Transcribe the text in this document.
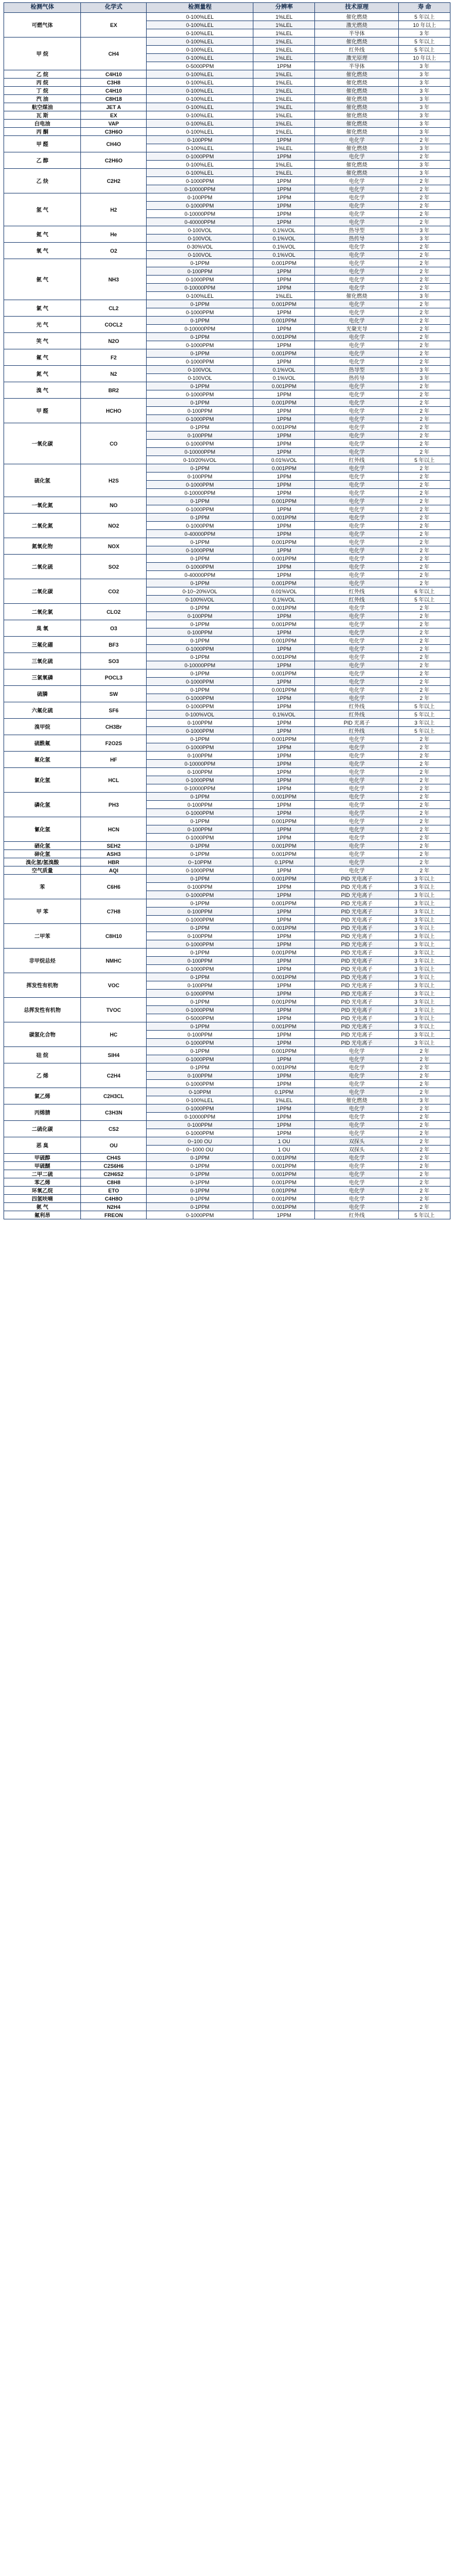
检测气体	化学式	检测量程	分辨率	技术原理	寿 命
可燃气体	EX	0-100%LEL	1%LEL	催化燃烧	5 年以上
		0-100%LEL	1%LEL	激光燃烧	10 年以上
		0-100%LEL	1%LEL	半导体	3 年
甲 烷	CH4	0-100%LEL	1%LEL	催化燃烧	5 年以上
		0-100%LEL	1%LEL	红外线	5 年以上
		0-100%LEL	1%LEL	激光原理	10 年以上
		0-5000PPM	1PPM	半导体	3 年
乙 烷	C4H10	0-100%LEL	1%LEL	催化燃烧	3 年
丙 烷	C3H8	0-100%LEL	1%LEL	催化燃烧	3 年
丁 烷	C4H10	0-100%LEL	1%LEL	催化燃烧	3 年
汽 油	C8H18	0-100%LEL	1%LEL	催化燃烧	3 年
航空煤油	JET A	0-100%LEL	1%LEL	催化燃烧	3 年
瓦 斯	EX	0-100%LEL	1%LEL	催化燃烧	3 年
白电油	VAP	0-100%LEL	1%LEL	催化燃烧	3 年
丙 酮	C3H6O	0-100%LEL	1%LEL	催化燃烧	3 年
甲 醛	CH4O	0-100PPM	1PPM	电化学	2 年
		0-100%LEL	1%LEL	催化燃烧	3 年
乙 醇	C2H6O	0-1000PPM	1PPM	电化学	2 年
		0-100%LEL	1%LEL	催化燃烧	3 年
乙 炔	C2H2	0-100%LEL	1%LEL	催化燃烧	3 年
		0-1000PPM	1PPM	电化学	2 年
		0-10000PPM	1PPM	电化学	2 年
氢 气	H2	0-100PPM	1PPM	电化学	2 年
		0-1000PPM	1PPM	电化学	2 年
		0-10000PPM	1PPM	电化学	2 年
		0-40000PPM	1PPM	电化学	2 年
氦 气	He	0-100VOL	0.1%VOL	热导型	3 年
		0-100VOL	0.1%VOL	热传导	3 年
氧 气	O2	0-30%VOL	0.1%VOL	电化学	2 年
		0-100VOL	0.1%VOL	电化学	2 年
氨 气	NH3	0-1PPM	0.001PPM	电化学	2 年
		0-100PPM	1PPM	电化学	2 年
		0-1000PPM	1PPM	电化学	2 年
		0-10000PPM	1PPM	电化学	2 年
		0-100%LEL	1%LEL	催化燃烧	3 年
氯 气	CL2	0-1PPM	0.001PPM	电化学	2 年
		0-1000PPM	1PPM	电化学	2 年
光 气	COCL2	0-1PPM	0.001PPM	电化学	2 年
		0-10000PPM	1PPM	光聚光导	2 年
笑 气	N2O	0-1PPM	0.001PPM	电化学	2 年
		0-1000PPM	1PPM	电化学	2 年
氟 气	F2	0-1PPM	0.001PPM	电化学	2 年
		0-1000PPM	1PPM	电化学	2 年
氮 气	N2	0-100VOL	0.1%VOL	热导型	3 年
		0-100VOL	0.1%VOL	热传导	3 年
溴 气	BR2	0-1PPM	0.001PPM	电化学	2 年
		0-1000PPM	1PPM	电化学	2 年
甲 醛	HCHO	0-1PPM	0.001PPM	电化学	2 年
		0-100PPM	1PPM	电化学	2 年
		0-1000PPM	1PPM	电化学	2 年
一氧化碳	CO	0-1PPM	0.001PPM	电化学	2 年
		0-100PPM	1PPM	电化学	2 年
		0-1000PPM	1PPM	电化学	2 年
		0-10000PPM	1PPM	电化学	2 年
		0-10/20%VOL	0.01%VOL	红外线	5 年以上
硫化氢	H2S	0-1PPM	0.001PPM	电化学	2 年
		0-100PPM	1PPM	电化学	2 年
		0-1000PPM	1PPM	电化学	2 年
		0-10000PPM	1PPM	电化学	2 年
一氧化氮	NO	0-1PPM	0.001PPM	电化学	2 年
		0-1000PPM	1PPM	电化学	2 年
二氧化氮	NO2	0-1PPM	0.001PPM	电化学	2 年
		0-1000PPM	1PPM	电化学	2 年
		0-40000PPM	1PPM	电化学	2 年
氮氧化物	NOX	0-1PPM	0.001PPM	电化学	2 年
		0-1000PPM	1PPM	电化学	2 年
二氧化硫	SO2	0-1PPM	0.001PPM	电化学	2 年
		0-1000PPM	1PPM	电化学	2 年
		0-40000PPM	1PPM	电化学	2 年
二氧化碳	CO2	0-1PPM	0.001PPM	电化学	2 年
		0-10~20%VOL	0.01%VOL	红外线	6 年以上
		0-100%VOL	0.1%VOL	红外线	5 年以上
二氧化氯	CLO2	0-1PPM	0.001PPM	电化学	2 年
		0-100PPM	1PPM	电化学	2 年
臭 氧	O3	0-1PPM	0.001PPM	电化学	2 年
		0-100PPM	1PPM	电化学	2 年
三氟化硼	BF3	0-1PPM	0.001PPM	电化学	2 年
		0-1000PPM	1PPM	电化学	2 年
三氧化硫	SO3	0-1PPM	0.001PPM	电化学	2 年
		0-10000PPM	1PPM	电化学	2 年
三氯氧磷	POCL3	0-1PPM	0.001PPM	电化学	2 年
		0-1000PPM	1PPM	电化学	2 年
硫膦	SW	0-1PPM	0.001PPM	电化学	2 年
		0-1000PPM	1PPM	电化学	2 年
六氟化硫	SF6	0-1000PPM	1PPM	红外线	5 年以上
		0-100%VOL	0.1%VOL	红外线	5 年以上
溴甲烷	CH3Br	0-100PPM	1PPM	PID 光离子	3 年以上
		0-1000PPM	1PPM	红外线	5 年以上
硫酰氟	F2O2S	0-1PPM	0.001PPM	电化学	2 年
		0-1000PPM	1PPM	电化学	2 年
氟化氢	HF	0-100PPM	1PPM	电化学	2 年
		0-10000PPM	1PPM	电化学	2 年
氯化氢	HCL	0-100PPM	1PPM	电化学	2 年
		0-1000PPM	1PPM	电化学	2 年
		0-10000PPM	1PPM	电化学	2 年
磷化氢	PH3	0-1PPM	0.001PPM	电化学	2 年
		0-100PPM	1PPM	电化学	2 年
		0-1000PPM	1PPM	电化学	2 年
氰化氢	HCN	0-1PPM	0.001PPM	电化学	2 年
		0-100PPM	1PPM	电化学	2 年
		0-1000PPM	1PPM	电化学	2 年
硒化氢	SEH2	0-1PPM	0.001PPM	电化学	2 年
砷化氢	ASH3	0-1PPM	0.001PPM	电化学	2 年
溴化氢/氢溴酸	HBR	0~10PPM	0.1PPM	电化学	2 年
空气质量	AQI	0-1000PPM	1PPM	电化学	2 年
苯	C6H6	0-1PPM	0.001PPM	PID 光电离子	3 年以上
		0-100PPM	1PPM	PID 光电离子	3 年以上
		0-1000PPM	1PPM	PID 光电离子	3 年以上
甲 苯	C7H8	0-1PPM	0.001PPM	PID 光电离子	3 年以上
		0-100PPM	1PPM	PID 光电离子	3 年以上
		0-1000PPM	1PPM	PID 光电离子	3 年以上
二甲苯	C8H10	0-1PPM	0.001PPM	PID 光电离子	3 年以上
		0-100PPM	1PPM	PID 光电离子	3 年以上
		0-1000PPM	1PPM	PID 光电离子	3 年以上
非甲烷总烃	NMHC	0-1PPM	0.001PPM	PID 光电离子	3 年以上
		0-100PPM	1PPM	PID 光电离子	3 年以上
		0-1000PPM	1PPM	PID 光电离子	3 年以上
挥发性有机物	VOC	0-1PPM	0.001PPM	PID 光电离子	3 年以上
		0-100PPM	1PPM	PID 光电离子	3 年以上
		0-1000PPM	1PPM	PID 光电离子	3 年以上
总挥发性有机物	TVOC	0-1PPM	0.001PPM	PID 光电离子	3 年以上
		0-1000PPM	1PPM	PID 光电离子	3 年以上
		0-5000PPM	1PPM	PID 光电离子	3 年以上
碳氢化合物	HC	0-1PPM	0.001PPM	PID 光电离子	3 年以上
		0-100PPM	1PPM	PID 光电离子	3 年以上
		0-1000PPM	1PPM	PID 光电离子	3 年以上
硅 烷	SIH4	0-1PPM	0.001PPM	电化学	2 年
		0-1000PPM	1PPM	电化学	2 年
乙 烯	C2H4	0-1PPM	0.001PPM	电化学	2 年
		0-100PPM	1PPM	电化学	2 年
		0-1000PPM	1PPM	电化学	2 年
氯乙烯	C2H3CL	0-10PPM	0.1PPM	电化学	2 年
		0-100%LEL	1%LEL	催化燃烧	3 年
丙烯腈	C3H3N	0-1000PPM	1PPM	电化学	2 年
		0-10000PPM	1PPM	电化学	2 年
二硫化碳	CS2	0-100PPM	1PPM	电化学	2 年
		0-1000PPM	1PPM	电化学	2 年
恶 臭	OU	0~100 OU	1 OU	双探头	2 年
		0~1000 OU	1 OU	双探头	2 年
甲硫醇	CH4S	0-1PPM	0.001PPM	电化学	2 年
甲硫醚	C2S6H6	0-1PPM	0.001PPM	电化学	2 年
二甲二硫	C2H6S2	0-1PPM	0.001PPM	电化学	2 年
苯乙烯	C8H8	0-1PPM	0.001PPM	电化学	2 年
环氧乙烷	ETO	0-1PPM	0.001PPM	电化学	2 年
四氢呋喃	C4H8O	0-1PPM	0.001PPM	电化学	2 年
氨 气	N2H4	0-1PPM	0.001PPM	电化学	2 年
氟利昂	FREON	0-1000PPM	1PPM	红外线	5 年以上
